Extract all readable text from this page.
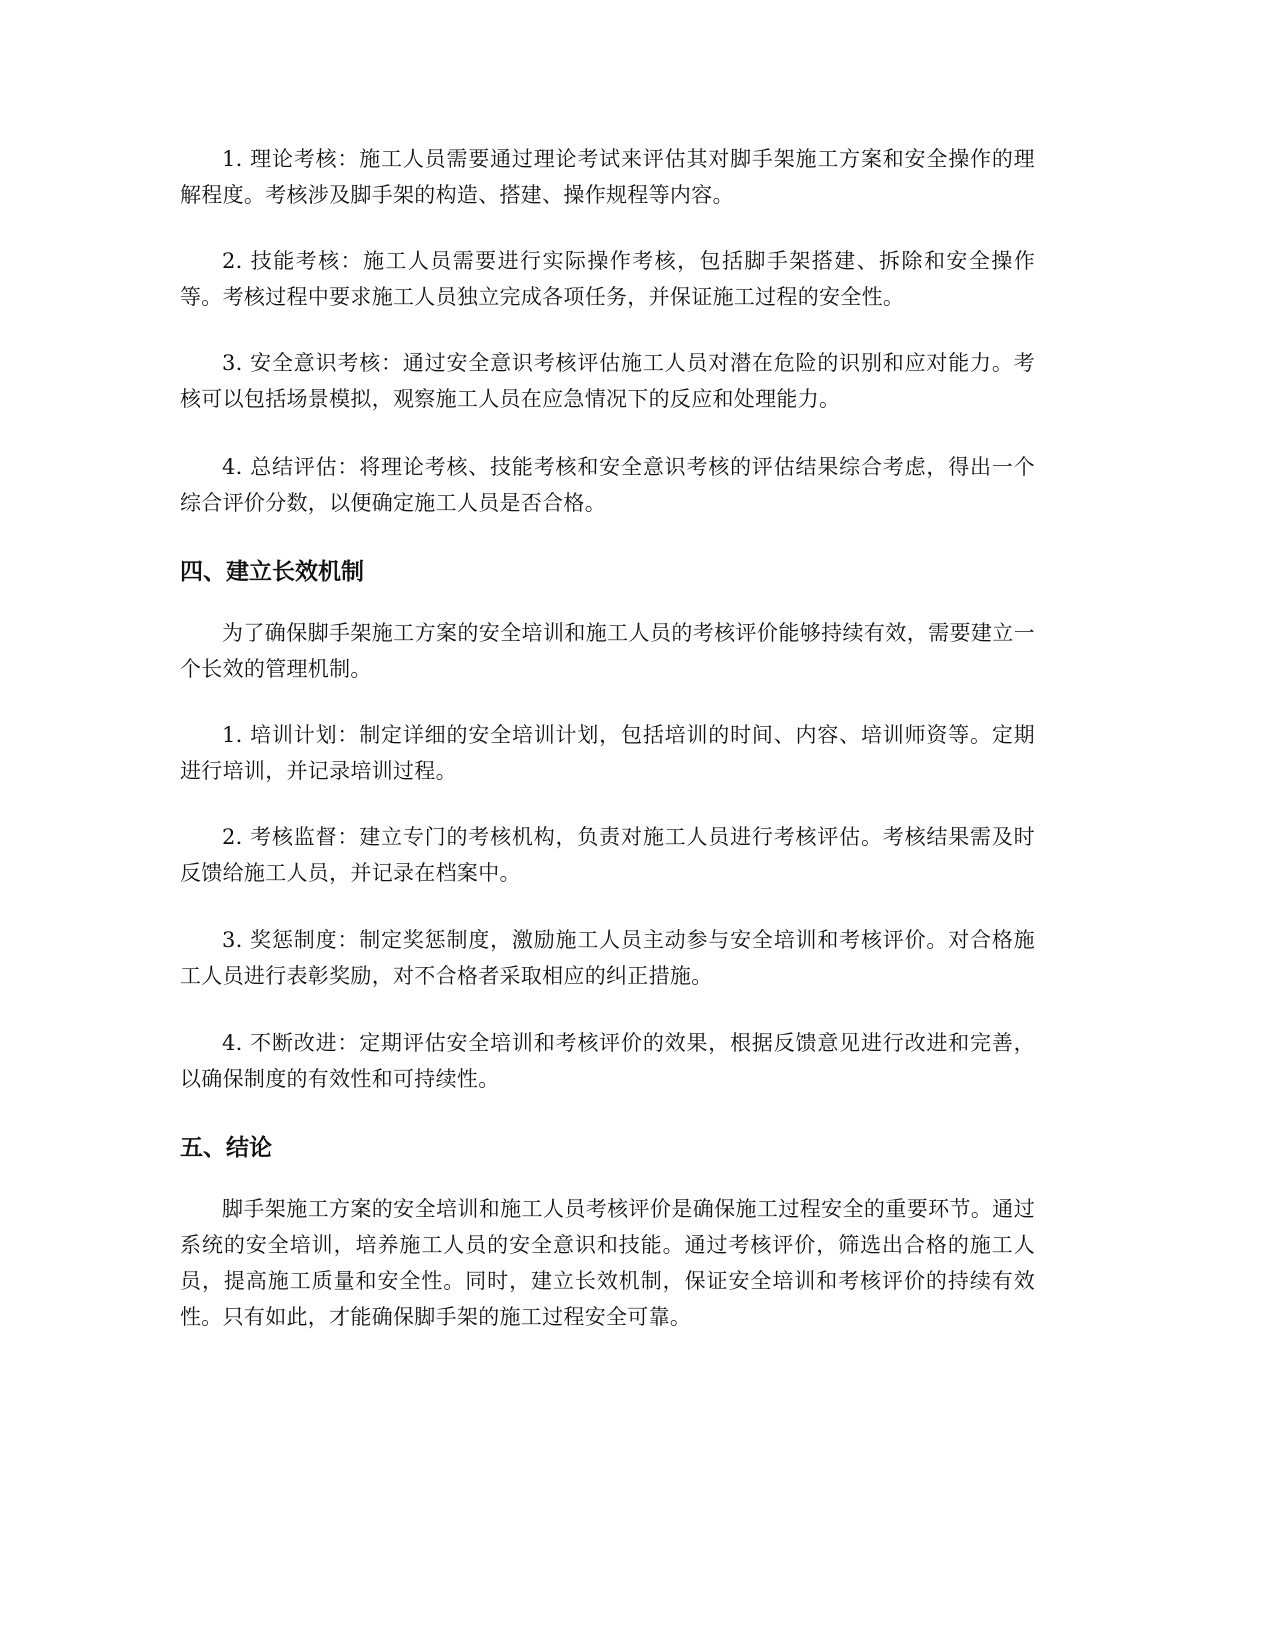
1. 理论考核：施工人员需要通过理论考试来评估其对脚手架施工方案和安全操作的理解程度。考核涉及脚手架的构造、搭建、操作规程等内容。

2. 技能考核：施工人员需要进行实际操作考核，包括脚手架搭建、拆除和安全操作等。考核过程中要求施工人员独立完成各项任务，并保证施工过程的安全性。

3. 安全意识考核：通过安全意识考核评估施工人员对潜在危险的识别和应对能力。考核可以包括场景模拟，观察施工人员在应急情况下的反应和处理能力。

4. 总结评估：将理论考核、技能考核和安全意识考核的评估结果综合考虑，得出一个综合评价分数，以便确定施工人员是否合格。

四、建立长效机制

为了确保脚手架施工方案的安全培训和施工人员的考核评价能够持续有效，需要建立一个长效的管理机制。

1. 培训计划：制定详细的安全培训计划，包括培训的时间、内容、培训师资等。定期进行培训，并记录培训过程。

2. 考核监督：建立专门的考核机构，负责对施工人员进行考核评估。考核结果需及时反馈给施工人员，并记录在档案中。

3. 奖惩制度：制定奖惩制度，激励施工人员主动参与安全培训和考核评价。对合格施工人员进行表彰奖励，对不合格者采取相应的纠正措施。

4. 不断改进：定期评估安全培训和考核评价的效果，根据反馈意见进行改进和完善，以确保制度的有效性和可持续性。

五、结论

脚手架施工方案的安全培训和施工人员考核评价是确保施工过程安全的重要环节。通过系统的安全培训，培养施工人员的安全意识和技能。通过考核评价，筛选出合格的施工人员，提高施工质量和安全性。同时，建立长效机制，保证安全培训和考核评价的持续有效性。只有如此，才能确保脚手架的施工过程安全可靠。
